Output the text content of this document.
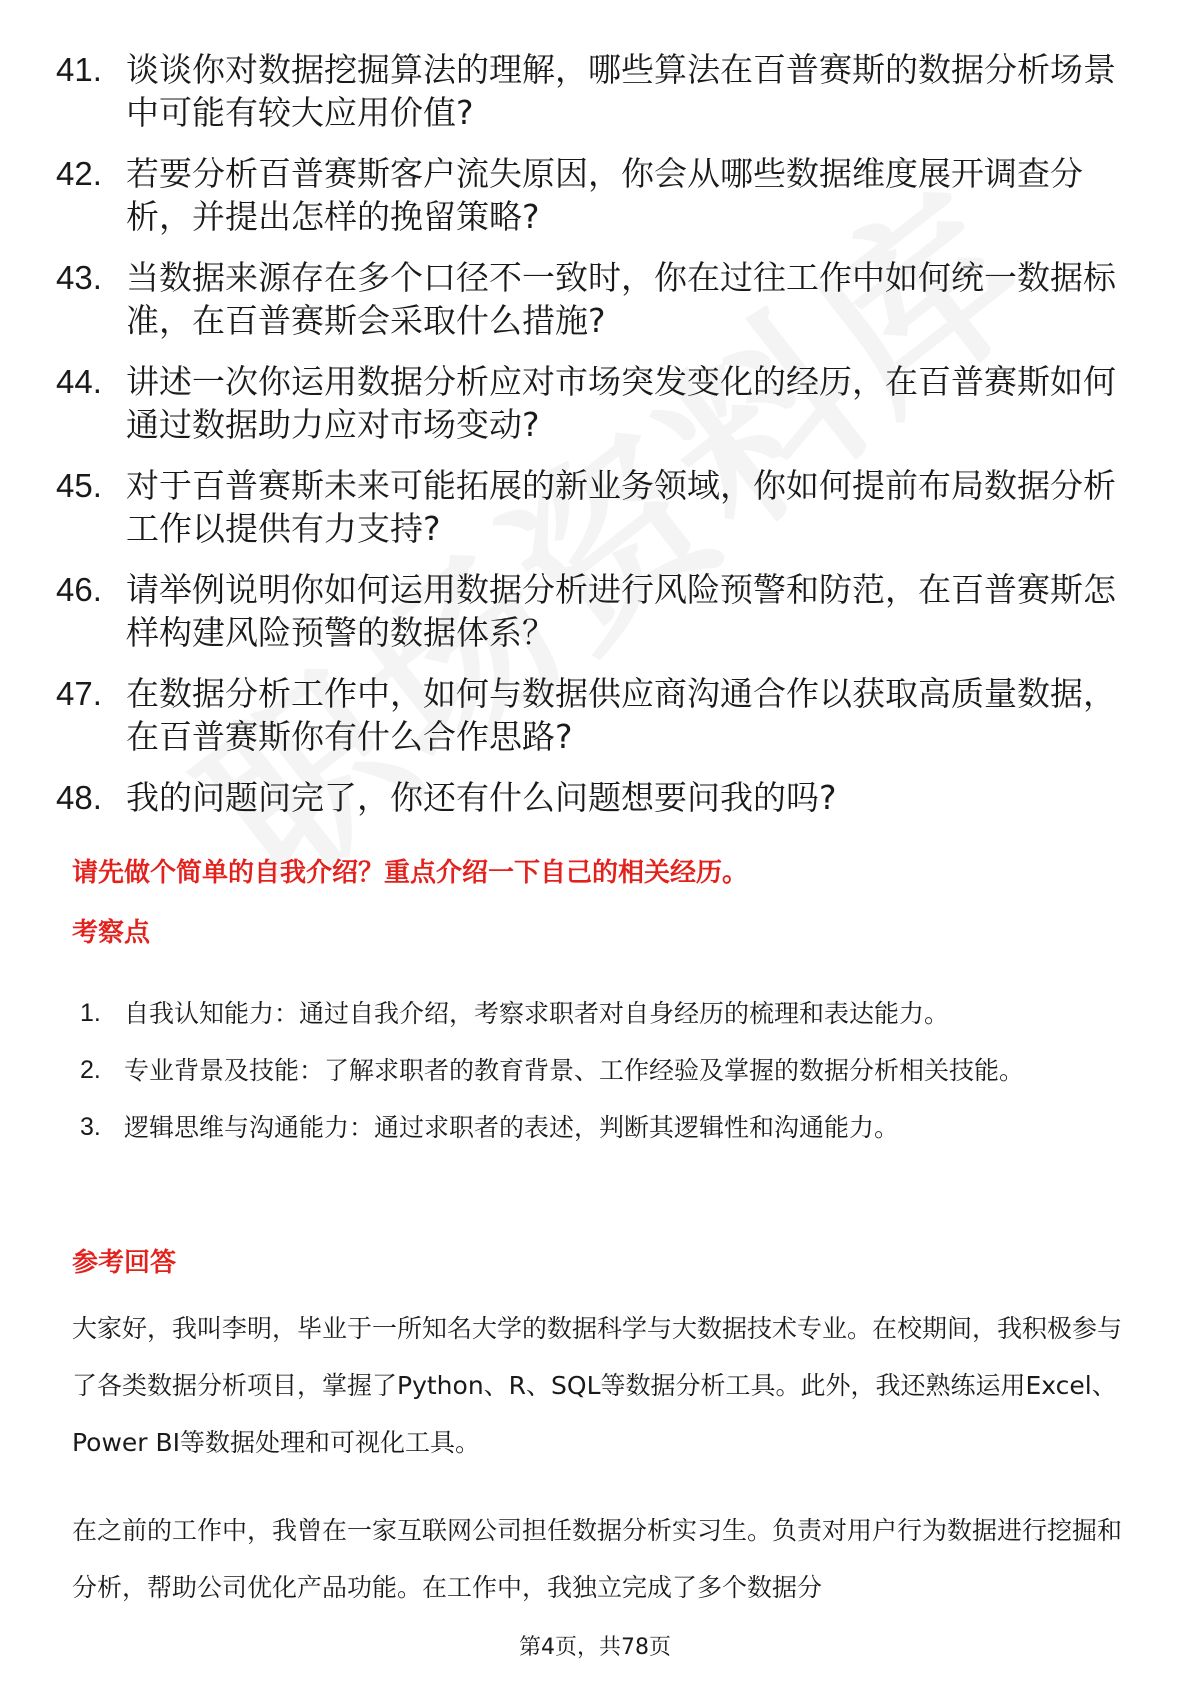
41. 谈谈你对数据挖掘算法的理解，哪些算法在百普赛斯的数据分析场景中可能有较大应用价值?
42. 若要分析百普赛斯客户流失原因，你会从哪些数据维度展开调查分析，并提出怎样的挽留策略?
43. 当数据来源存在多个口径不一致时，你在过往工作中如何统一数据标准，在百普赛斯会采取什么措施?
44. 讲述一次你运用数据分析应对市场突发变化的经历，在百普赛斯如何通过数据助力应对市场变动?
45. 对于百普赛斯未来可能拓展的新业务领域，你如何提前布局数据分析工作以提供有力支持?
46. 请举例说明你如何运用数据分析进行风险预警和防范，在百普赛斯怎样构建风险预警的数据体系？
47. 在数据分析工作中，如何与数据供应商沟通合作以获取高质量数据，在百普赛斯你有什么合作思路?
48. 我的问题问完了，你还有什么问题想要问我的吗?
请先做个简单的自我介绍？重点介绍一下自己的相关经历。
考察点
1. 自我认知能力：通过自我介绍，考察求职者对自身经历的梳理和表达能力。
2. 专业背景及技能：了解求职者的教育背景、工作经验及掌握的数据分析相关技能。
3. 逻辑思维与沟通能力：通过求职者的表述，判断其逻辑性和沟通能力。
参考回答

大家好，我叫李明，毕业于一所知名大学的数据科学与大数据技术专业。在校期间，我积极参与了各类数据分析项目，掌握了Python、R、SQL等数据分析工具。此外，我还熟练运用Excel、Power BI等数据处理和可视化工具。

在之前的工作中，我曾在一家互联网公司担任数据分析实习生。负责对用户行为数据进行挖掘和分析，帮助公司优化产品功能。在工作中，我独立完成了多个数据分

第4页，共78页
